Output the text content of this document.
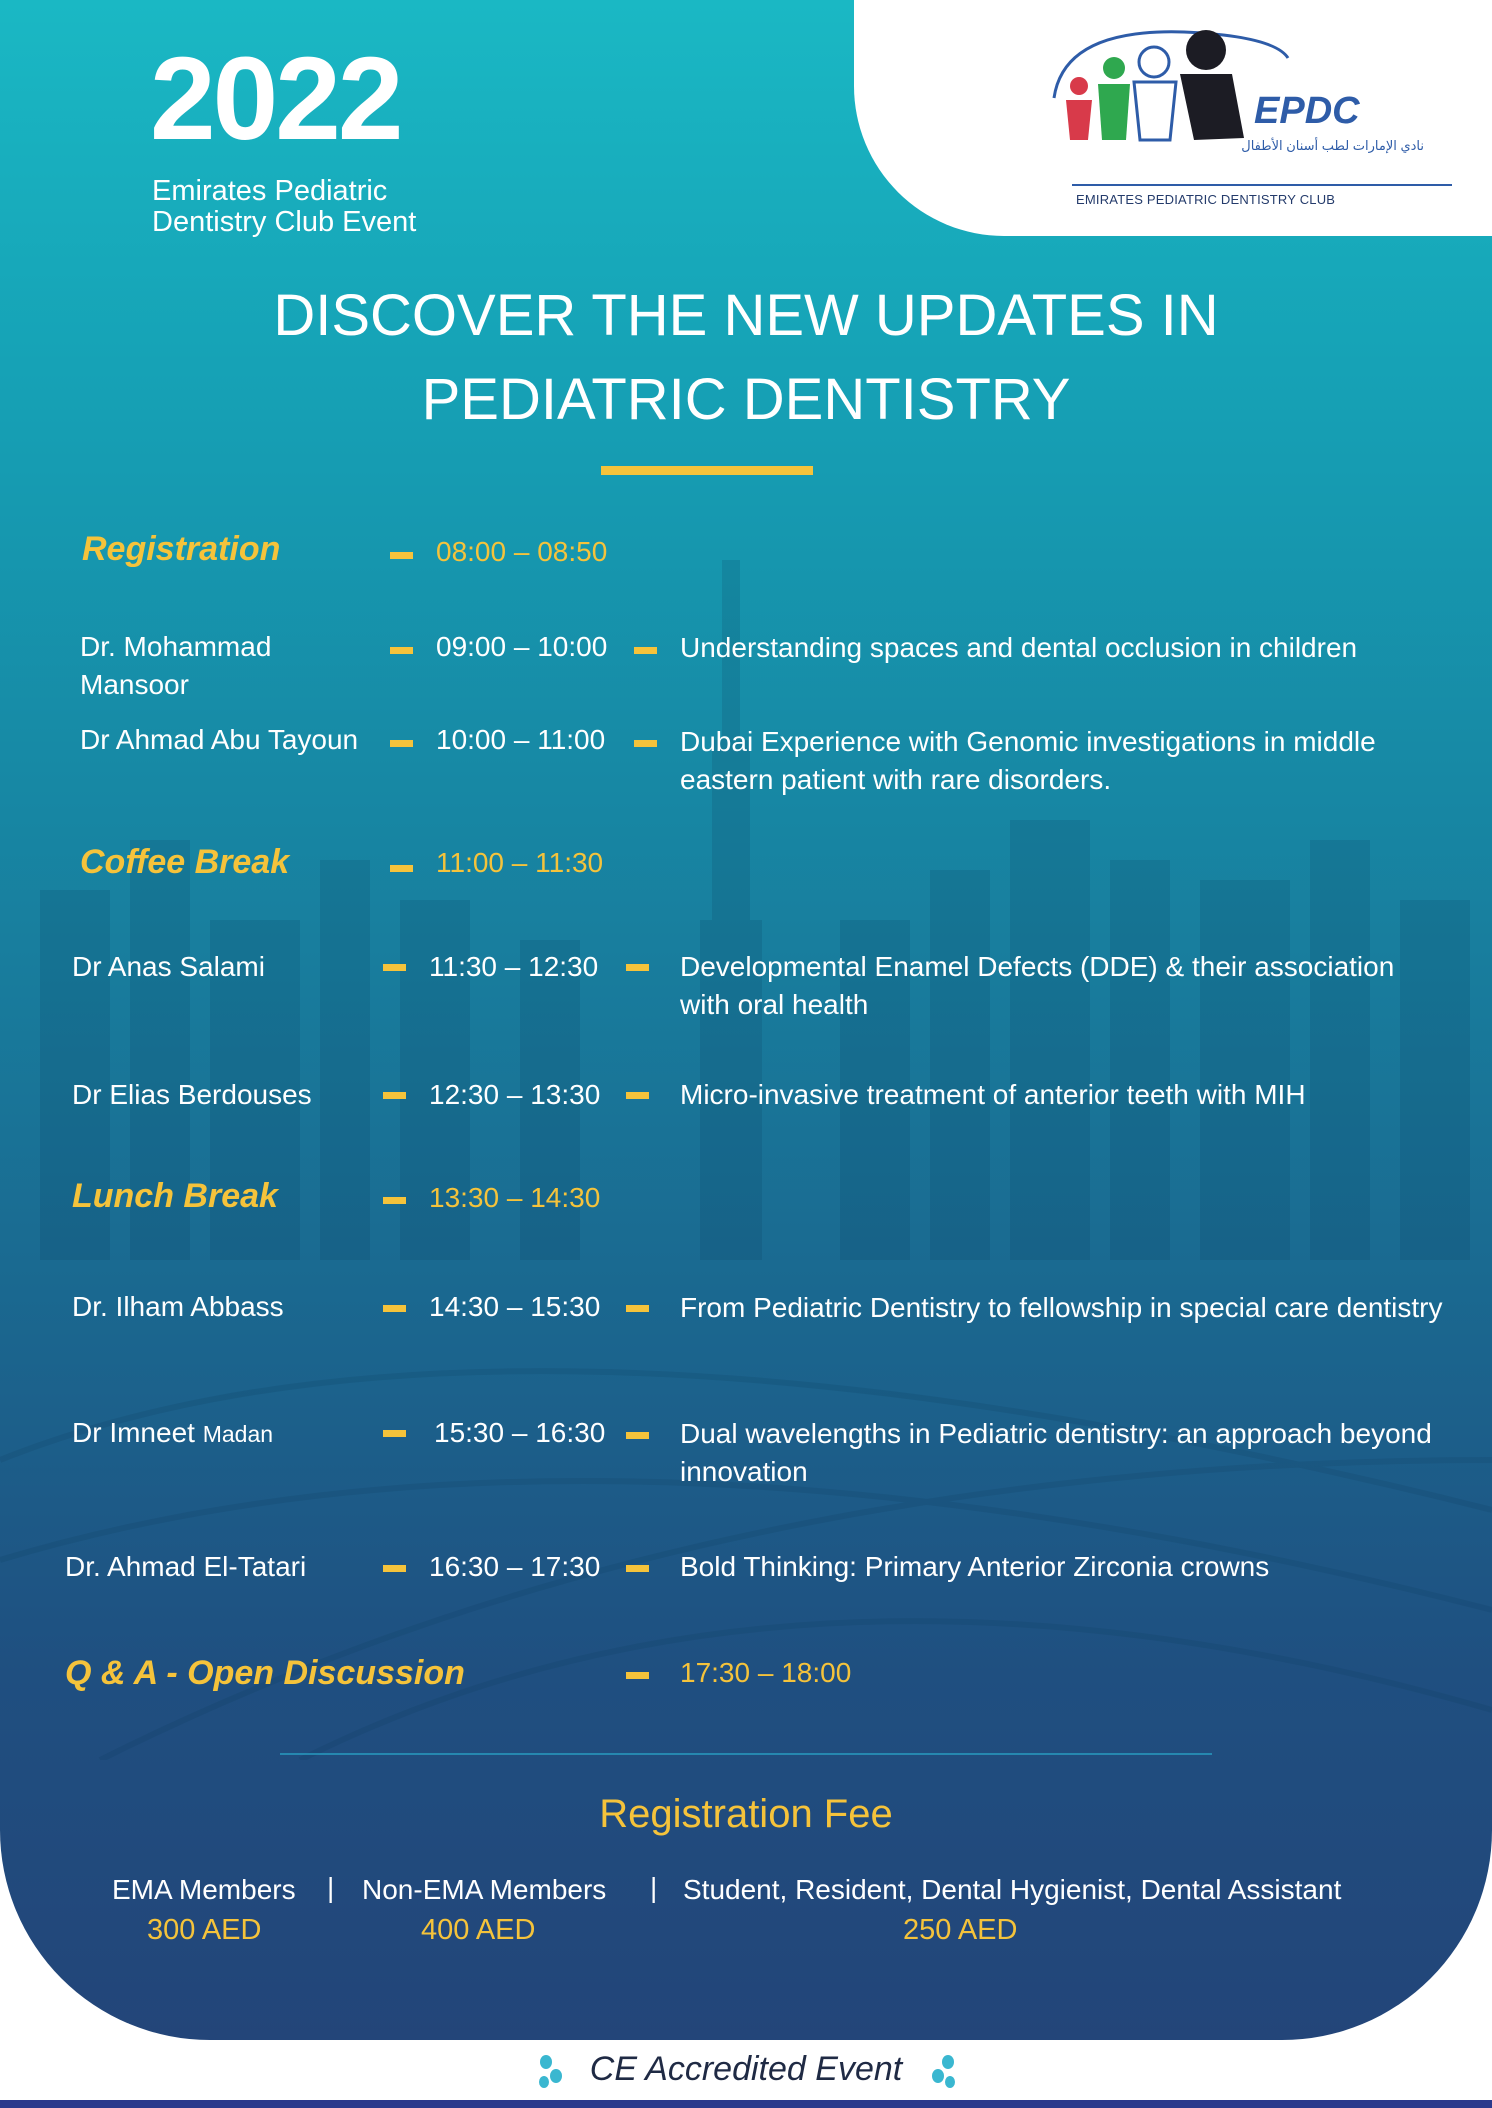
2022
Emirates Pediatric
Dentistry Club Event
EPDC
نادي الإمارات لطب أسنان الأطفال
EMIRATES PEDIATRIC DENTISTRY CLUB
DISCOVER THE NEW UPDATES IN
PEDIATRIC DENTISTRY
Registration	08:00 – 08:50
Dr. Mohammad
Mansoor
09:00 – 10:00	Understanding spaces and dental occlusion in children
Dr Ahmad Abu Tayoun	10:00 – 11:00	Dubai Experience with Genomic investigations in middle eastern patient with rare disorders.
Coffee Break	11:00 – 11:30
Dr Anas Salami	11:30 – 12:30	Developmental Enamel Defects (DDE) & their association with oral health
Dr Elias Berdouses	12:30 – 13:30	Micro-invasive treatment of anterior teeth with MIH
Lunch Break	13:30 – 14:30
Dr. Ilham Abbass	14:30 – 15:30	From Pediatric Dentistry to fellowship in special care dentistry
Dr Imneet Madan	15:30 – 16:30	Dual wavelengths in Pediatric dentistry: an approach beyond innovation
Dr. Ahmad El-Tatari	16:30 – 17:30	Bold Thinking: Primary Anterior Zirconia crowns
Q & A - Open Discussion	17:30 – 18:00
Registration Fee
EMA Members | Non-EMA Members | Student, Resident, Dental Hygienist, Dental Assistant
300 AED	400 AED	250 AED
CE Accredited Event
